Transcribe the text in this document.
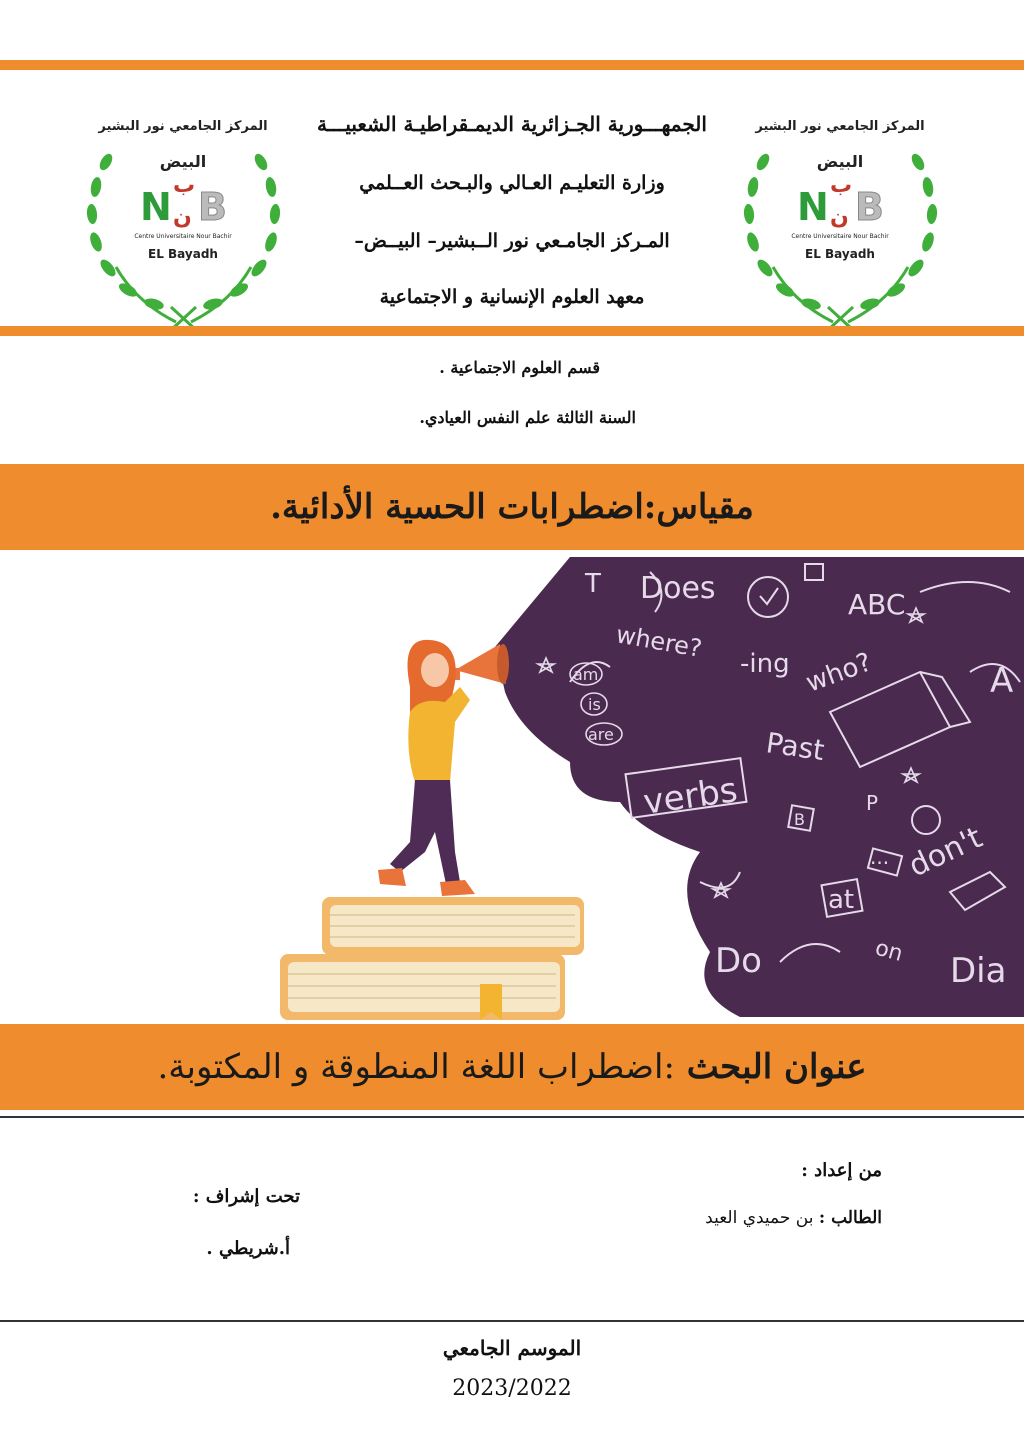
الجمهـــورية الجـزائرية الديمـقراطيـة الشعبيـــة
وزارة التعليـم العـالي والبـحث العــلمي
المـركز الجامـعي نور الــبشير– البيــض–
معهد العلوم الإنسانية و الاجتماعية
المركز الجامعي نور البشير
البيض
N ن
ب B
Centre Universitaire Nour Bachir
EL Bayadh
المركز الجامعي نور البشير
البيض
N ن
ب B
Centre Universitaire Nour Bachir
EL Bayadh
قسم العلوم الاجتماعية .
السنة الثالثة علم النفس العيادي.
مقياس:اضطرابات الحسية الأدائية.
Does
where?
ABC
-ing who?
am
is
are	Past
verbs	B
P
don't
at
on
Do	Dia
T
A
...
عنوان البحث :اضطراب اللغة المنطوقة و المكتوبة.
من إعداد :
الطالب : بن حميدي العيد
تحت إشراف :
أ.شريطي .
الموسم الجامعي
2023/2022
